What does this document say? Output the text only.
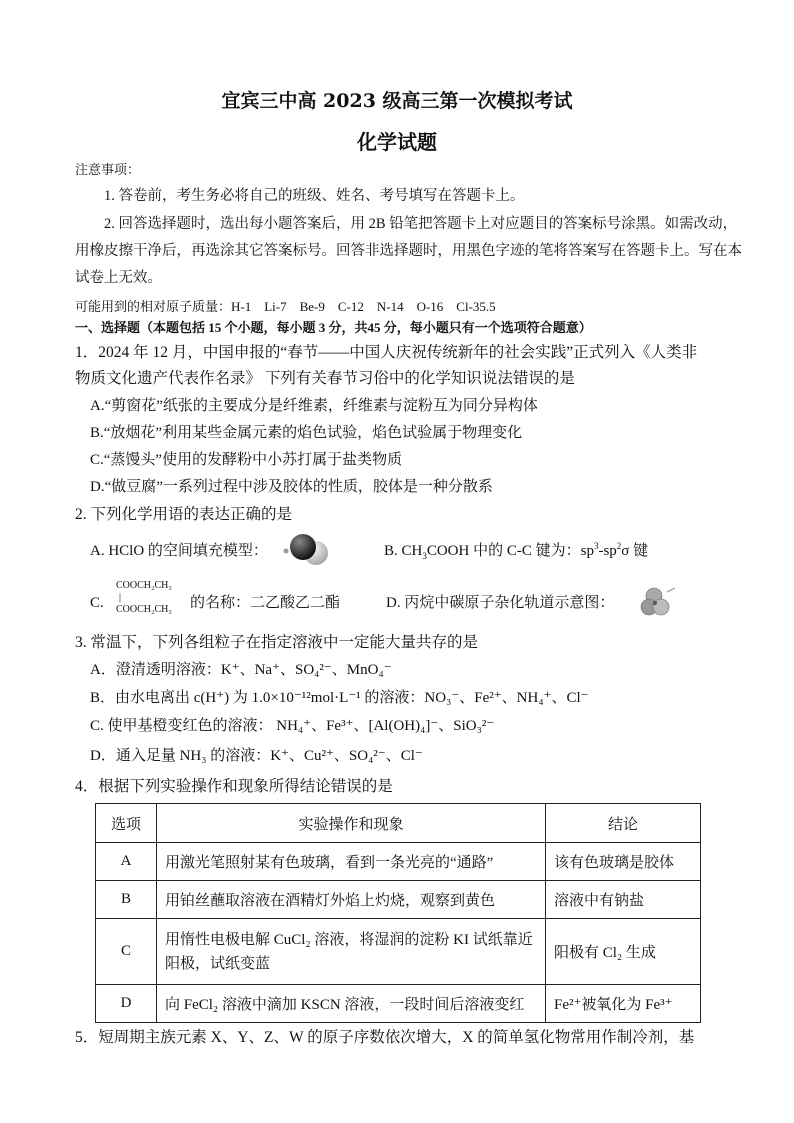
宜宾三中高 2023 级高三第一次模拟考试
化学试题
注意事项：
1. 答卷前，考生务必将自己的班级、姓名、考号填写在答题卡上。
2. 回答选择题时，选出每小题答案后，用 2B 铅笔把答题卡上对应题目的答案标号涂黑。如需改动，
用橡皮擦干净后，再选涂其它答案标号。回答非选择题时，用黑色字迹的笔将答案写在答题卡上。写在本
试卷上无效。
可能用到的相对原子质量：H-1　Li-7　Be-9　C-12　N-14　O-16　Cl-35.5
一、选择题（本题包括 15 个小题，每小题 3 分，共45 分，每小题只有一个选项符合题意）
1．2024 年 12 月，中国申报的“春节——中国人庆祝传统新年的社会实践”正式列入《人类非
物质文化遗产代表作名录》 下列有关春节习俗中的化学知识说法错误的是
A.“剪窗花”纸张的主要成分是纤维素，纤维素与淀粉互为同分异构体
B.“放烟花”利用某些金属元素的焰色试验，焰色试验属于物理变化
C.“蒸馒头”使用的发酵粉中小苏打属于盐类物质
D.“做豆腐”一系列过程中涉及胶体的性质，胶体是一种分散系
2. 下列化学用语的表达正确的是
A. HClO 的空间填充模型：	B. $CH_3COOH$ 中的 C-C 键为：$sp^3-sp^2\sigma$ 键
C.
COOCH₂CH₃
|
COOCH₂CH₃ 的名称：二乙酸乙二酯	D. 丙烷中碳原子杂化轨道示意图：
3. 常温下，下列各组粒子在指定溶液中一定能大量共存的是
A．澄清透明溶液：K⁺、Na⁺、SO₄²⁻、MnO₄⁻
B．由水电离出 c(H⁺) 为 1.0×10⁻¹²mol·L⁻¹ 的溶液：NO₃⁻、Fe²⁺、NH₄⁺、Cl⁻
C. 使甲基橙变红色的溶液： NH₄⁺、Fe³⁺、[Al(OH)₄]⁻、SiO₃²⁻
D．通入足量 NH₃ 的溶液：K⁺、Cu²⁺、SO₄²⁻、Cl⁻
4．根据下列实验操作和现象所得结论错误的是
选项	实验操作和现象	结论
A	用激光笔照射某有色玻璃，看到一条光亮的“通路”	该有色玻璃是胶体
B	用铂丝蘸取溶液在酒精灯外焰上灼烧，观察到黄色	溶液中有钠盐
C	用惰性电极电解 CuCl₂ 溶液，将湿润的淀粉 KI 试纸靠近阳极，试纸变蓝	阳极有 Cl₂ 生成
D	向 FeCl₂ 溶液中滴加 KSCN 溶液，一段时间后溶液变红	Fe²⁺被氧化为 Fe³⁺
5．短周期主族元素 X、Y、Z、W 的原子序数依次增大，X 的简单氢化物常用作制冷剂，基
